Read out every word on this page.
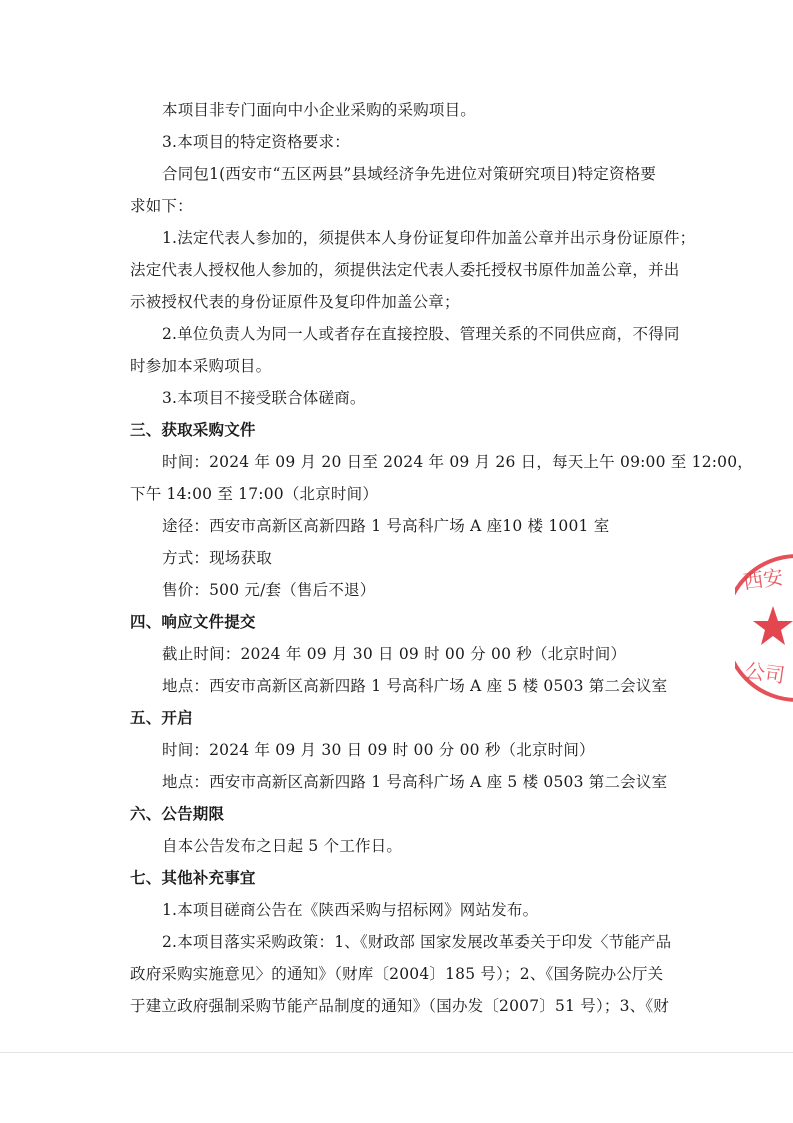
本项目非专门面向中小企业采购的采购项目。
3.本项目的特定资格要求：
合同包1(西安市“五区两县”县域经济争先进位对策研究项目)特定资格要
求如下：
1.法定代表人参加的，须提供本人身份证复印件加盖公章并出示身份证原件；
法定代表人授权他人参加的，须提供法定代表人委托授权书原件加盖公章，并出
示被授权代表的身份证原件及复印件加盖公章；
2.单位负责人为同一人或者存在直接控股、管理关系的不同供应商，不得同
时参加本采购项目。
3.本项目不接受联合体磋商。
三、获取采购文件
时间：2024 年 09 月 20 日至 2024 年 09 月 26 日，每天上午 09:00 至 12:00，
下午 14:00 至 17:00（北京时间）
途径：西安市高新区高新四路 1 号高科广场 A 座10 楼 1001 室
方式：现场获取
售价：500 元/套（售后不退）
四、响应文件提交
截止时间：2024 年 09 月 30 日 09 时 00 分 00 秒（北京时间）
地点：西安市高新区高新四路 1 号高科广场 A 座 5 楼 0503 第二会议室
五、开启
时间：2024 年 09 月 30 日 09 时 00 分 00 秒（北京时间）
地点：西安市高新区高新四路 1 号高科广场 A 座 5 楼 0503 第二会议室
六、公告期限
自本公告发布之日起 5 个工作日。
七、其他补充事宜
1.本项目磋商公告在《陕西采购与招标网》网站发布。
2.本项目落实采购政策：1、《财政部 国家发展改革委关于印发〈节能产品
政府采购实施意见〉的通知》（财库〔2004〕185 号）；2、《国务院办公厅关
于建立政府强制采购节能产品制度的通知》（国办发〔2007〕51 号）；3、《财
西安
公司
